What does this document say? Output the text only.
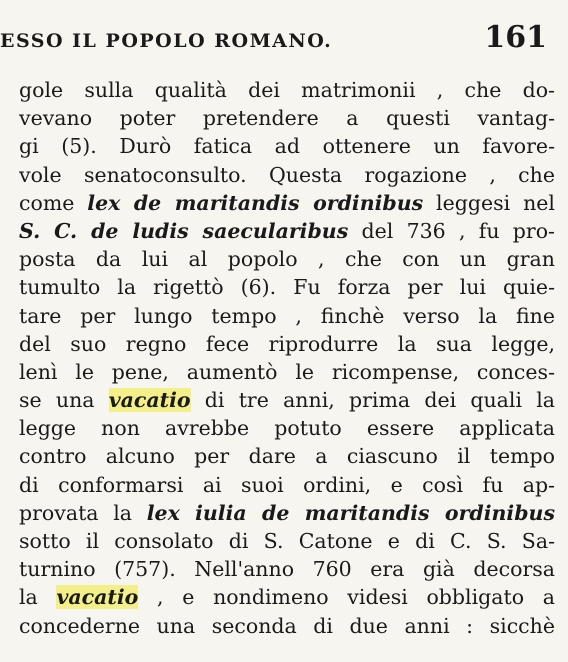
ESSO IL POPOLO ROMANO.	161
gole sulla qualità dei matrimonii , che do-
vevano poter pretendere a questi vantag-
gi (5). Durò fatica ad ottenere un favore-
vole senatoconsulto. Questa rogazione , che
come lex de maritandis ordinibus leggesi nel
S. C. de ludis saecularibus del 736 , fu pro-
posta da lui al popolo , che con un gran
tumulto la rigettò (6). Fu forza per lui quie-
tare per lungo tempo , finchè verso la fine
del suo regno fece riprodurre la sua legge,
lenì le pene, aumentò le ricompense, conces-
se una vacatio di tre anni, prima dei quali la
legge non avrebbe potuto essere applicata
contro alcuno per dare a ciascuno il tempo
di conformarsi ai suoi ordini, e così fu ap-
provata la lex iulia de maritandis ordinibus
sotto il consolato di S. Catone e di C. S. Sa-
turnino (757). Nell'anno 760 era già decorsa
la vacatio , e nondimeno videsi obbligato a
concederne una seconda di due anni : sicchè
